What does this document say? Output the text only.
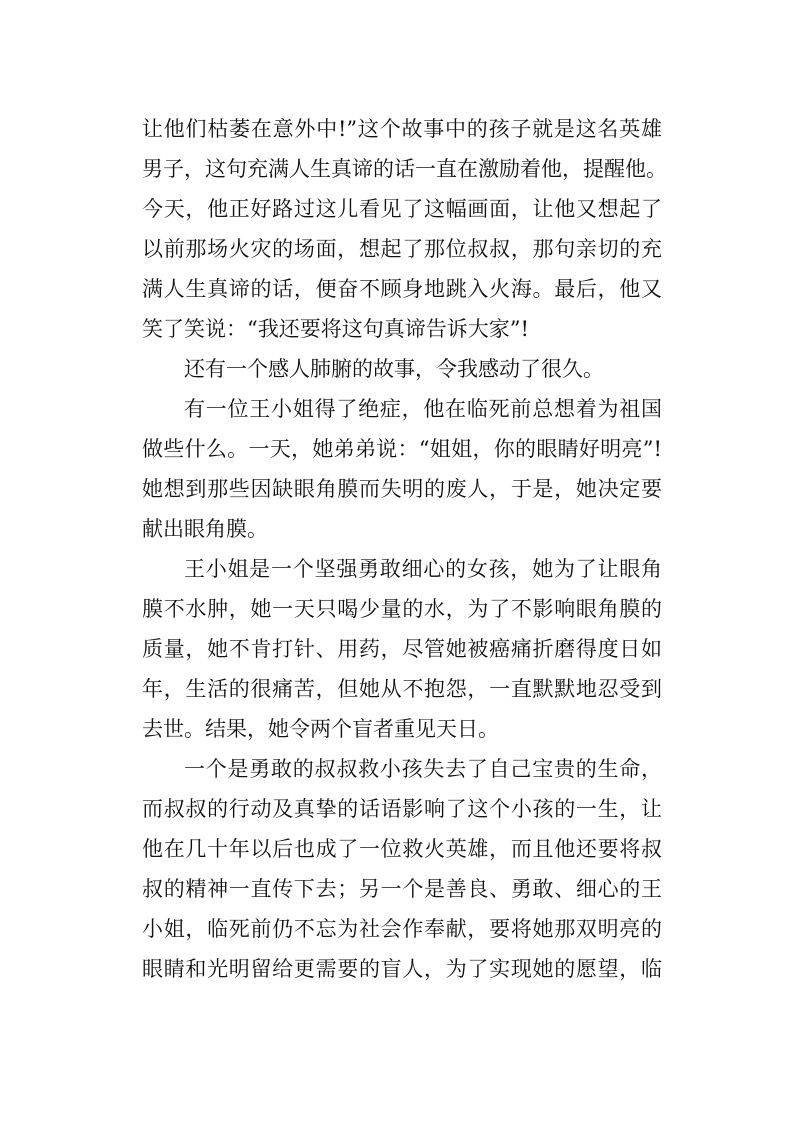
让他们枯萎在意外中!”这个故事中的孩子就是这名英雄
男子，这句充满人生真谛的话一直在激励着他，提醒他。
今天，他正好路过这儿看见了这幅画面，让他又想起了
以前那场火灾的场面，想起了那位叔叔，那句亲切的充
满人生真谛的话，便奋不顾身地跳入火海。最后，他又
笑了笑说：“我还要将这句真谛告诉大家”!
还有一个感人肺腑的故事，令我感动了很久。
有一位王小姐得了绝症，他在临死前总想着为祖国
做些什么。一天，她弟弟说：“姐姐，你的眼睛好明亮”!
她想到那些因缺眼角膜而失明的废人，于是，她决定要
献出眼角膜。
王小姐是一个坚强勇敢细心的女孩，她为了让眼角
膜不水肿，她一天只喝少量的水，为了不影响眼角膜的
质量，她不肯打针、用药，尽管她被癌痛折磨得度日如
年，生活的很痛苦，但她从不抱怨，一直默默地忍受到
去世。结果，她令两个盲者重见天日。
一个是勇敢的叔叔救小孩失去了自己宝贵的生命，
而叔叔的行动及真挚的话语影响了这个小孩的一生，让
他在几十年以后也成了一位救火英雄，而且他还要将叔
叔的精神一直传下去；另一个是善良、勇敢、细心的王
小姐，临死前仍不忘为社会作奉献，要将她那双明亮的
眼睛和光明留给更需要的盲人，为了实现她的愿望，临
